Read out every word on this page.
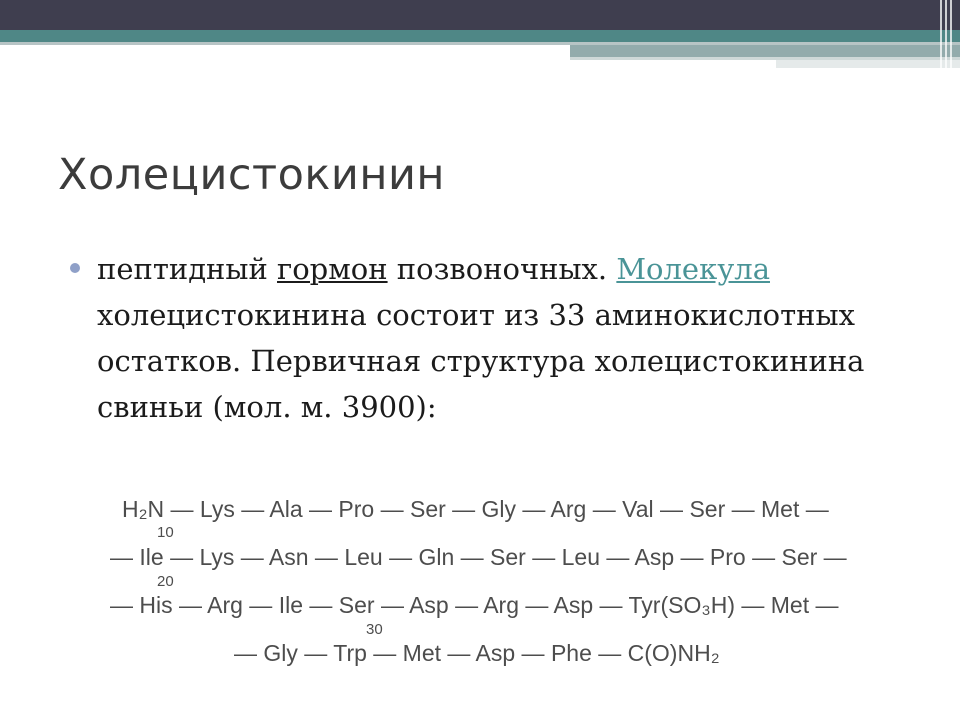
Холецистокинин

пептидный гормон позвоночных. Молекула холецистокинина состоит из 33 аминокислотных остатков. Первичная структура холецистокинина свиньи (мол. м. 3900):

H₂N — Lys — Ala — Pro — Ser — Gly — Arg — Val — Ser — Met —
10
— Ile — Lys — Asn — Leu — Gln — Ser — Leu — Asp — Pro — Ser —
20
— His — Arg — Ile — Ser — Asp — Arg — Asp — Tyr(SO₃H) — Met —
30
— Gly — Trp — Met — Asp — Phe — C(O)NH₂
